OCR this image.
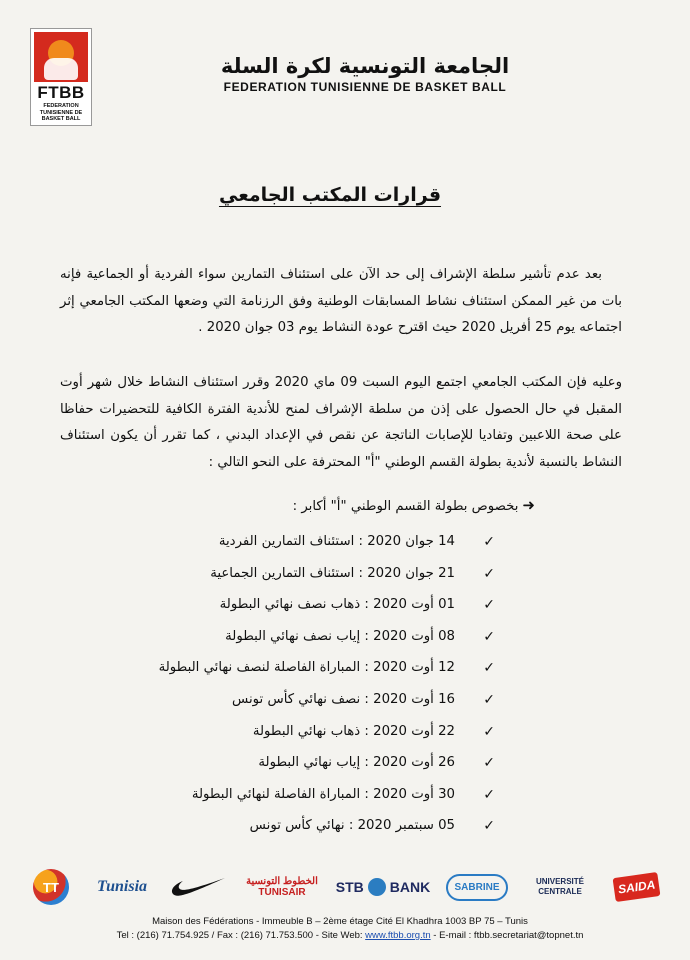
FTBB
FEDERATION
TUNISIENNE DE
BASKET BALL
الجامعة التونسية لكرة السلة
FEDERATION TUNISIENNE DE BASKET BALL
قرارات المكتب الجامعي
بعد عدم تأشير سلطة الإشراف إلى حد الآن على استئناف التمارين سواء الفردية أو الجماعية فإنه بات من غير الممكن استئناف نشاط المسابقات الوطنية وفق الرزنامة التي وضعها المكتب الجامعي إثر اجتماعه يوم 25 أفريل 2020 حيث اقترح عودة النشاط يوم 03 جوان 2020 .
وعليه فإن المكتب الجامعي اجتمع اليوم السبت 09 ماي 2020 وقرر استئناف النشاط خلال شهر أوت المقبل في حال الحصول على إذن من سلطة الإشراف لمنح للأندية الفترة الكافية للتحضيرات حفاظا على صحة اللاعبين وتفاديا للإصابات الناتجة عن نقص في الإعداد البدني ، كما تقرر أن يكون استئناف النشاط بالنسبة لأندية بطولة القسم الوطني "أ" المحترفة على النحو التالي :
➜بخصوص بطولة القسم الوطني "أ" أكابر :
✓
14 جوان 2020 : استئناف التمارين الفردية
✓
21 جوان 2020 : استئناف التمارين الجماعية
✓
01 أوت 2020 : ذهاب نصف نهائي البطولة
✓
08 أوت 2020 : إياب نصف نهائي البطولة
✓
12 أوت 2020 : المباراة الفاصلة لنصف نهائي البطولة
✓
16 أوت 2020 : نصف نهائي كأس تونس
✓
22 أوت 2020 : ذهاب نهائي البطولة
✓
26 أوت 2020 : إياب نهائي البطولة
✓
30 أوت 2020 : المباراة الفاصلة لنهائي البطولة
✓
05 سبتمبر 2020 : نهائي كأس تونس
TT	Tunisia	الخطوط التونسية
TUNISAIR STB BANK	SABRINE	UNIVERSITÉ
CENTRALE	SAIDA
Maison des Fédérations - Immeuble B – 2ème étage Cité El Khadhra 1003 BP 75 – Tunis
Tel : (216) 71.754.925 / Fax : (216) 71.753.500 - Site Web: www.ftbb.org.tn - E-mail : ftbb.secretariat@topnet.tn
